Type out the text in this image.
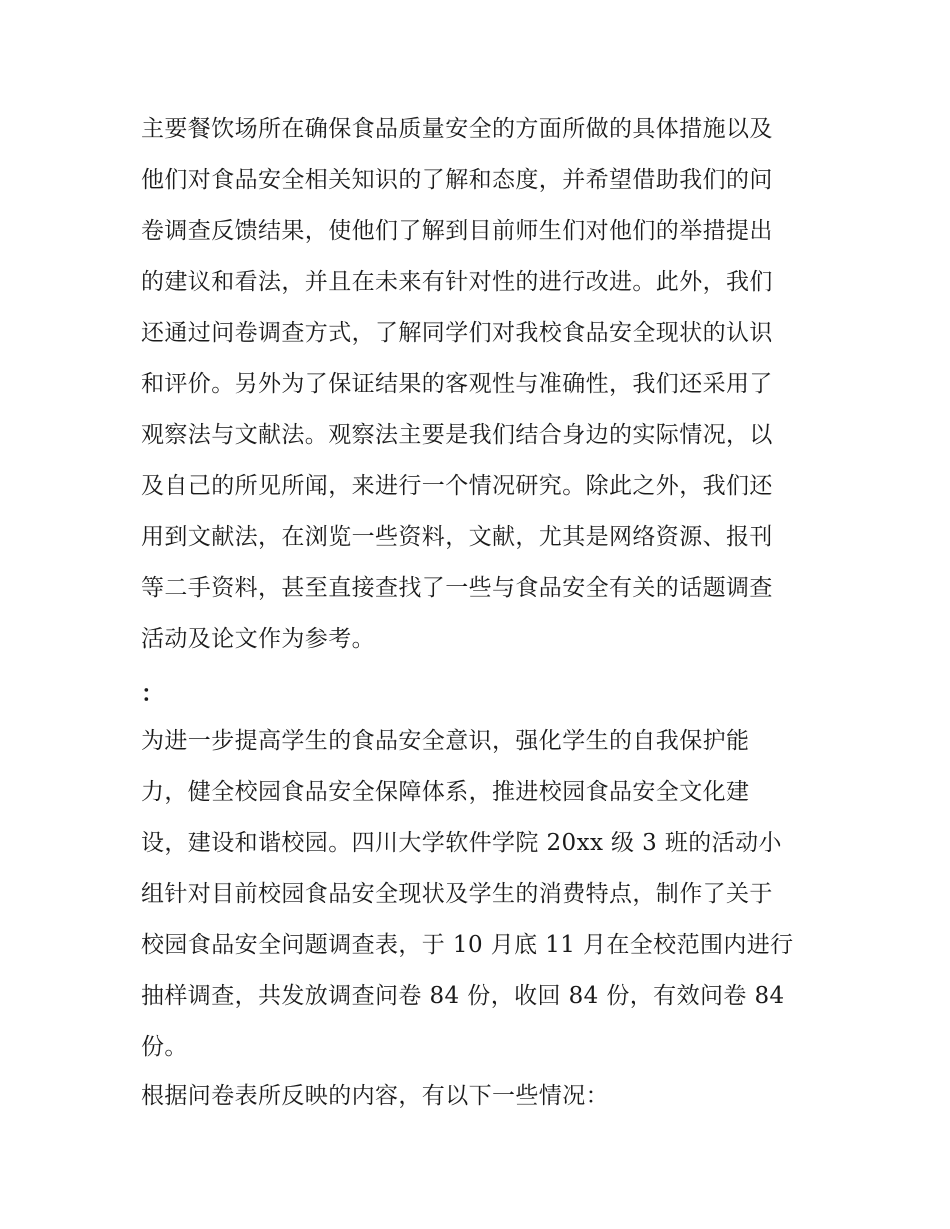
主要餐饮场所在确保食品质量安全的方面所做的具体措施以及
他们对食品安全相关知识的了解和态度，并希望借助我们的问
卷调查反馈结果，使他们了解到目前师生们对他们的举措提出
的建议和看法，并且在未来有针对性的进行改进。此外，我们
还通过问卷调查方式，了解同学们对我校食品安全现状的认识
和评价。另外为了保证结果的客观性与准确性，我们还采用了
观察法与文献法。观察法主要是我们结合身边的实际情况，以
及自己的所见所闻，来进行一个情况研究。除此之外，我们还
用到文献法，在浏览一些资料，文献，尤其是网络资源、报刊
等二手资料，甚至直接查找了一些与食品安全有关的话题调查
活动及论文作为参考。
：
为进一步提高学生的食品安全意识，强化学生的自我保护能
力，健全校园食品安全保障体系，推进校园食品安全文化建
设，建设和谐校园。四川大学软件学院 20xx 级 3 班的活动小
组针对目前校园食品安全现状及学生的消费特点，制作了关于
校园食品安全问题调查表，于 10 月底 11 月在全校范围内进行
抽样调查，共发放调查问卷 84 份，收回 84 份，有效问卷 84
份。
根据问卷表所反映的内容，有以下一些情况：
